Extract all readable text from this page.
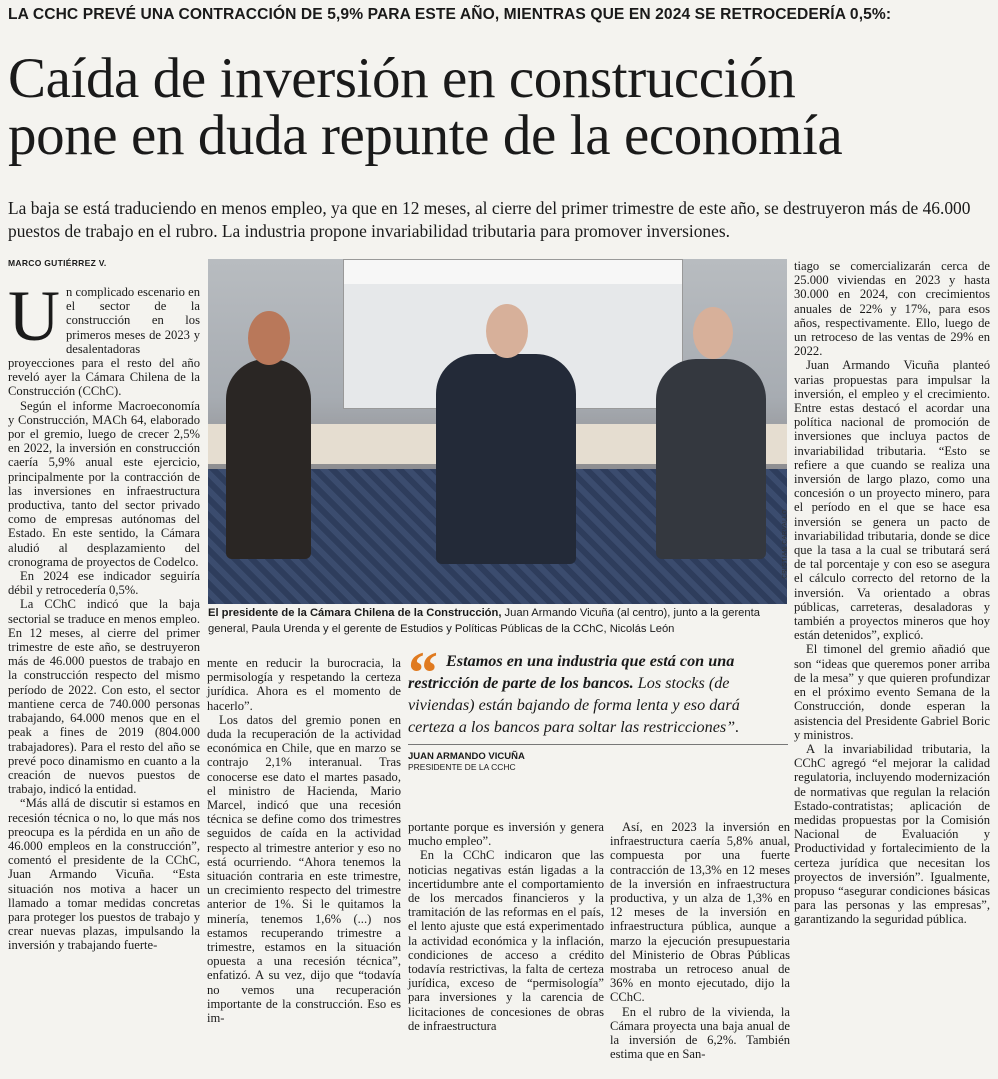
LA CCHC PREVÉ UNA CONTRACCIÓN DE 5,9% PARA ESTE AÑO, MIENTRAS QUE EN 2024 SE RETROCEDERÍA 0,5%:
Caída de inversión en construcción
pone en duda repunte de la economía

La baja se está traduciendo en menos empleo, ya que en 12 meses, al cierre del primer trimestre de este año, se destruyeron más de 46.000 puestos de trabajo en el rubro. La industria propone invariabilidad tributaria para promover inversiones.

MARCO GUTIÉRREZ V.

Un complicado escenario en el sector de la construcción en los primeros meses de 2023 y desalentadoras proyecciones para el resto del año reveló ayer la Cámara Chilena de la Construcción (CChC).

Según el informe Macroeconomía y Construcción, MACh 64, elaborado por el gremio, luego de crecer 2,5% en 2022, la inversión en construcción caería 5,9% anual este ejercicio, principalmente por la contracción de las inversiones en infraestructura productiva, tanto del sector privado como de empresas autónomas del Estado. En este sentido, la Cámara aludió al desplazamiento del cronograma de proyectos de Codelco.

En 2024 ese indicador seguiría débil y retrocedería 0,5%.

La CChC indicó que la baja sectorial se traduce en menos empleo. En 12 meses, al cierre del primer trimestre de este año, se destruyeron más de 46.000 puestos de trabajo en la construcción respecto del mismo período de 2022. Con esto, el sector mantiene cerca de 740.000 personas trabajando, 64.000 menos que en el peak a fines de 2019 (804.000 trabajadores). Para el resto del año se prevé poco dinamismo en cuanto a la creación de nuevos puestos de trabajo, indicó la entidad.

“Más allá de discutir si estamos en recesión técnica o no, lo que más nos preocupa es la pérdida en un año de 46.000 empleos en la construcción”, comentó el presidente de la CChC, Juan Armando Vicuña. “Esta situación nos motiva a hacer un llamado a tomar medidas concretas para proteger los puestos de trabajo y crear nuevas plazas, impulsando la inversión y trabajando fuerte-

CRISTIAN CARVALLO
El presidente de la Cámara Chilena de la Construcción, Juan Armando Vicuña (al centro), junto a la gerenta general, Paula Urenda y el gerente de Estudios y Políticas Públicas de la CChC, Nicolás León
“ Estamos en una industria que está con una restricción de parte de los bancos. Los stocks (de viviendas) están bajando de forma lenta y eso dará certeza a los bancos para soltar las restricciones”.

JUAN ARMANDO VICUÑA
PRESIDENTE DE LA CCHC

mente en reducir la burocracia, la permisología y respetando la certeza jurídica. Ahora es el momento de hacerlo”.

Los datos del gremio ponen en duda la recuperación de la actividad económica en Chile, que en marzo se contrajo 2,1% interanual. Tras conocerse ese dato el martes pasado, el ministro de Hacienda, Mario Marcel, indicó que una recesión técnica se define como dos trimestres seguidos de caída en la actividad respecto al trimestre anterior y eso no está ocurriendo. “Ahora tenemos la situación contraria en este trimestre, un crecimiento respecto del trimestre anterior de 1%. Si le quitamos la minería, tenemos 1,6% (...) nos estamos recuperando trimestre a trimestre, estamos en la situación opuesta a una recesión técnica”, enfatizó. A su vez, dijo que “todavía no vemos una recuperación importante de la construcción. Eso es im-

portante porque es inversión y genera mucho empleo”.

En la CChC indicaron que las noticias negativas están ligadas a la incertidumbre ante el comportamiento de los mercados financieros y la tramitación de las reformas en el país, el lento ajuste que está experimentado la actividad económica y la inflación, condiciones de acceso a crédito todavía restrictivas, la falta de certeza jurídica, exceso de “permisología” para inversiones y la carencia de licitaciones de concesiones de obras de infraestructura

Así, en 2023 la inversión en infraestructura caería 5,8% anual, compuesta por una fuerte contracción de 13,3% en 12 meses de la inversión en infraestructura productiva, y un alza de 1,3% en 12 meses de la inversión en infraestructura pública, aunque a marzo la ejecución presupuestaria del Ministerio de Obras Públicas mostraba un retroceso anual de 36% en monto ejecutado, dijo la CChC.

En el rubro de la vivienda, la Cámara proyecta una baja anual de la inversión de 6,2%. También estima que en San-

tiago se comercializarán cerca de 25.000 viviendas en 2023 y hasta 30.000 en 2024, con crecimientos anuales de 22% y 17%, para esos años, respectivamente. Ello, luego de un retroceso de las ventas de 29% en 2022.

Juan Armando Vicuña planteó varias propuestas para impulsar la inversión, el empleo y el crecimiento. Entre estas destacó el acordar una política nacional de promoción de inversiones que incluya pactos de invariabilidad tributaria. “Esto se refiere a que cuando se realiza una inversión de largo plazo, como una concesión o un proyecto minero, para el período en el que se hace esa inversión se genera un pacto de invariabilidad tributaria, donde se dice que la tasa a la cual se tributará será de tal porcentaje y con eso se asegura el cálculo correcto del retorno de la inversión. Va orientado a obras públicas, carreteras, desaladoras y también a proyectos mineros que hoy están detenidos”, explicó.

El timonel del gremio añadió que son “ideas que queremos poner arriba de la mesa” y que quieren profundizar en el próximo evento Semana de la Construcción, donde esperan la asistencia del Presidente Gabriel Boric y ministros.

A la invariabilidad tributaria, la CChC agregó “el mejorar la calidad regulatoria, incluyendo modernización de normativas que regulan la relación Estado-contratistas; aplicación de medidas propuestas por la Comisión Nacional de Evaluación y Productividad y fortalecimiento de la certeza jurídica que necesitan los proyectos de inversión”. Igualmente, propuso “asegurar condiciones básicas para las personas y las empresas”, garantizando la seguridad pública.
